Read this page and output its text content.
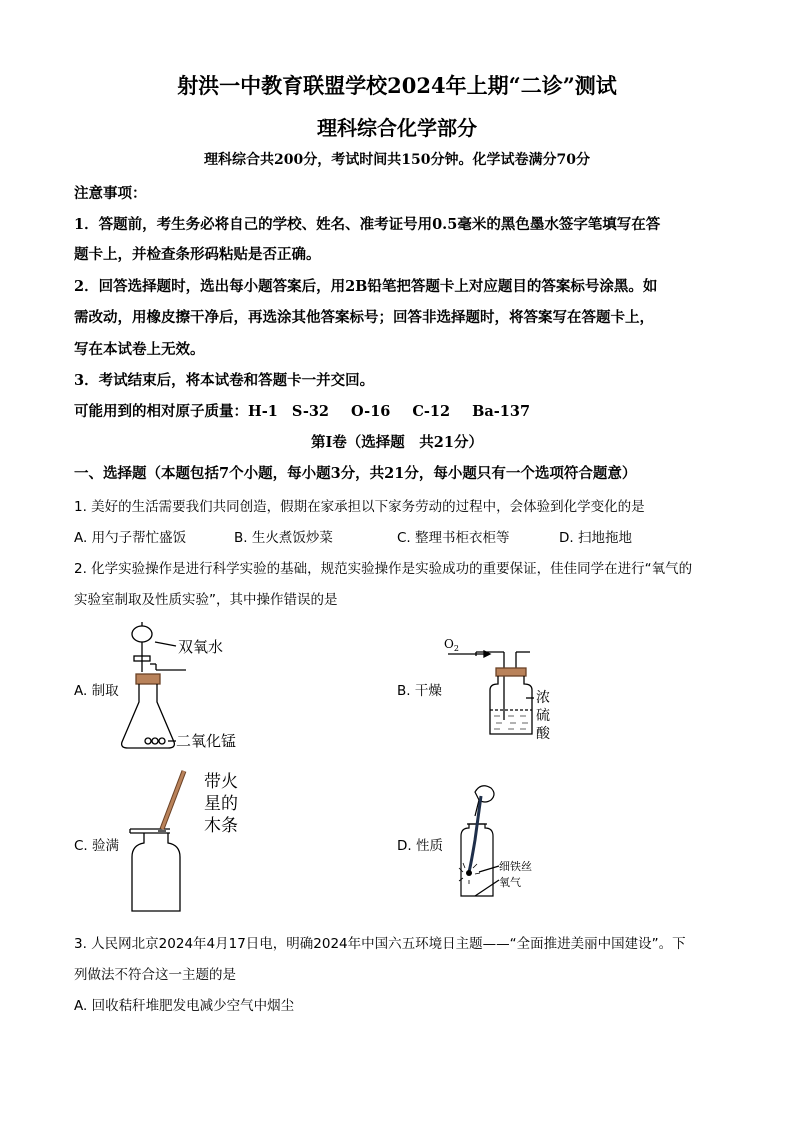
射洪一中教育联盟学校2024年上期“二诊”测试
理科综合化学部分
理科综合共200分，考试时间共150分钟。化学试卷满分70分
注意事项：
1．答题前，考生务必将自己的学校、姓名、准考证号用0.5毫米的黑色墨水签字笔填写在答
题卡上，并检查条形码粘贴是否正确。
2．回答选择题时，选出每小题答案后，用2B铅笔把答题卡上对应题目的答案标号涂黑。如
需改动，用橡皮擦干净后，再选涂其他答案标号；回答非选择题时，将答案写在答题卡上，
写在本试卷上无效。
3．考试结束后，将本试卷和答题卡一并交回。
可能用到的相对原子质量：H-1 S-32 O-16 C-12 Ba-137
第Ⅰ卷（选择题　共21分）
一、选择题（本题包括7个小题，每小题3分，共21分，每小题只有一个选项符合题意）
1. 美好的生活需要我们共同创造，假期在家承担以下家务劳动的过程中，会体验到化学变化的是
A. 用勺子帮忙盛饭	B. 生火煮饭炒菜	C. 整理书柜衣柜等	D. 扫地拖地
2. 化学实验操作是进行科学实验的基础，规范实验操作是实验成功的重要保证，佳佳同学在进行“氧气的
实验室制取及性质实验”，其中操作错误的是
A. 制取	B. 干燥
C. 验满	D. 性质
双氧水
二氧化锰
$O_2$
浓
硫
酸
带火
星的
木条
细铁丝
氧气
3. 人民网北京2024年4月17日电，明确2024年中国六五环境日主题——“全面推进美丽中国建设”。下
列做法不符合这一主题的是
A. 回收秸秆堆肥发电减少空气中烟尘
